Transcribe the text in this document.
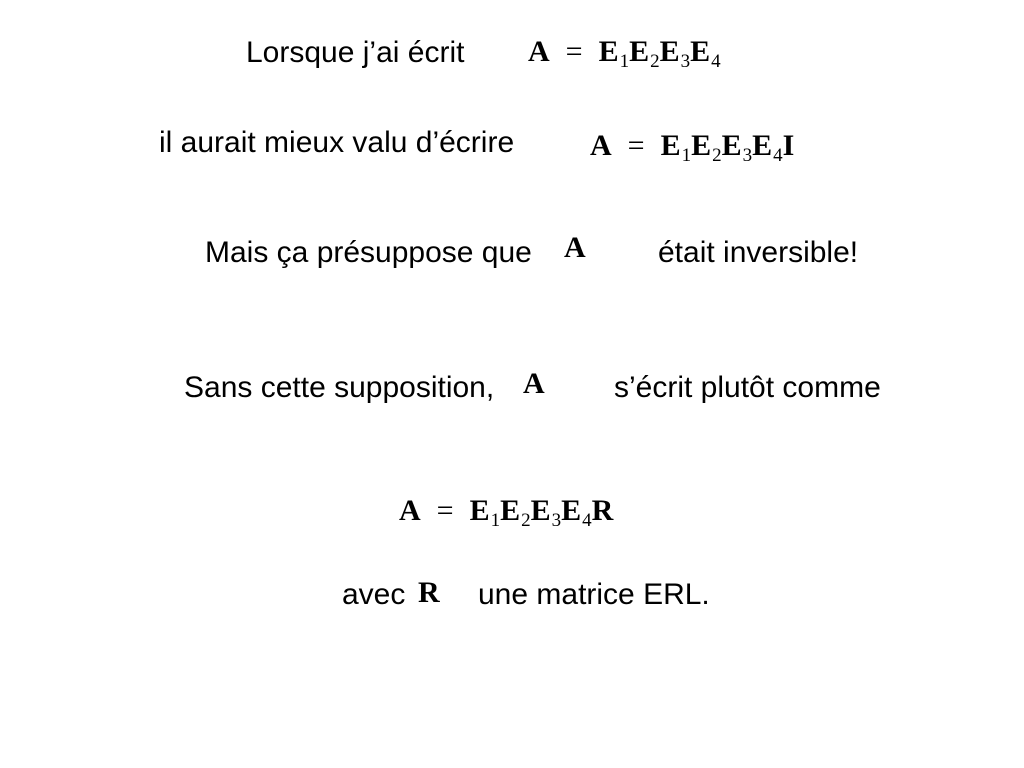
Lorsque j’ai écrit $A = E_1E_2E_3E_4$
il aurait mieux valu d’écrire	$A = E_1E_2E_3E_4I$
Mais ça présuppose que A était inversible!
Sans cette supposition, A s’écrit plutôt comme
$A = E_1E_2E_3E_4R$
avec R une matrice ERL.
